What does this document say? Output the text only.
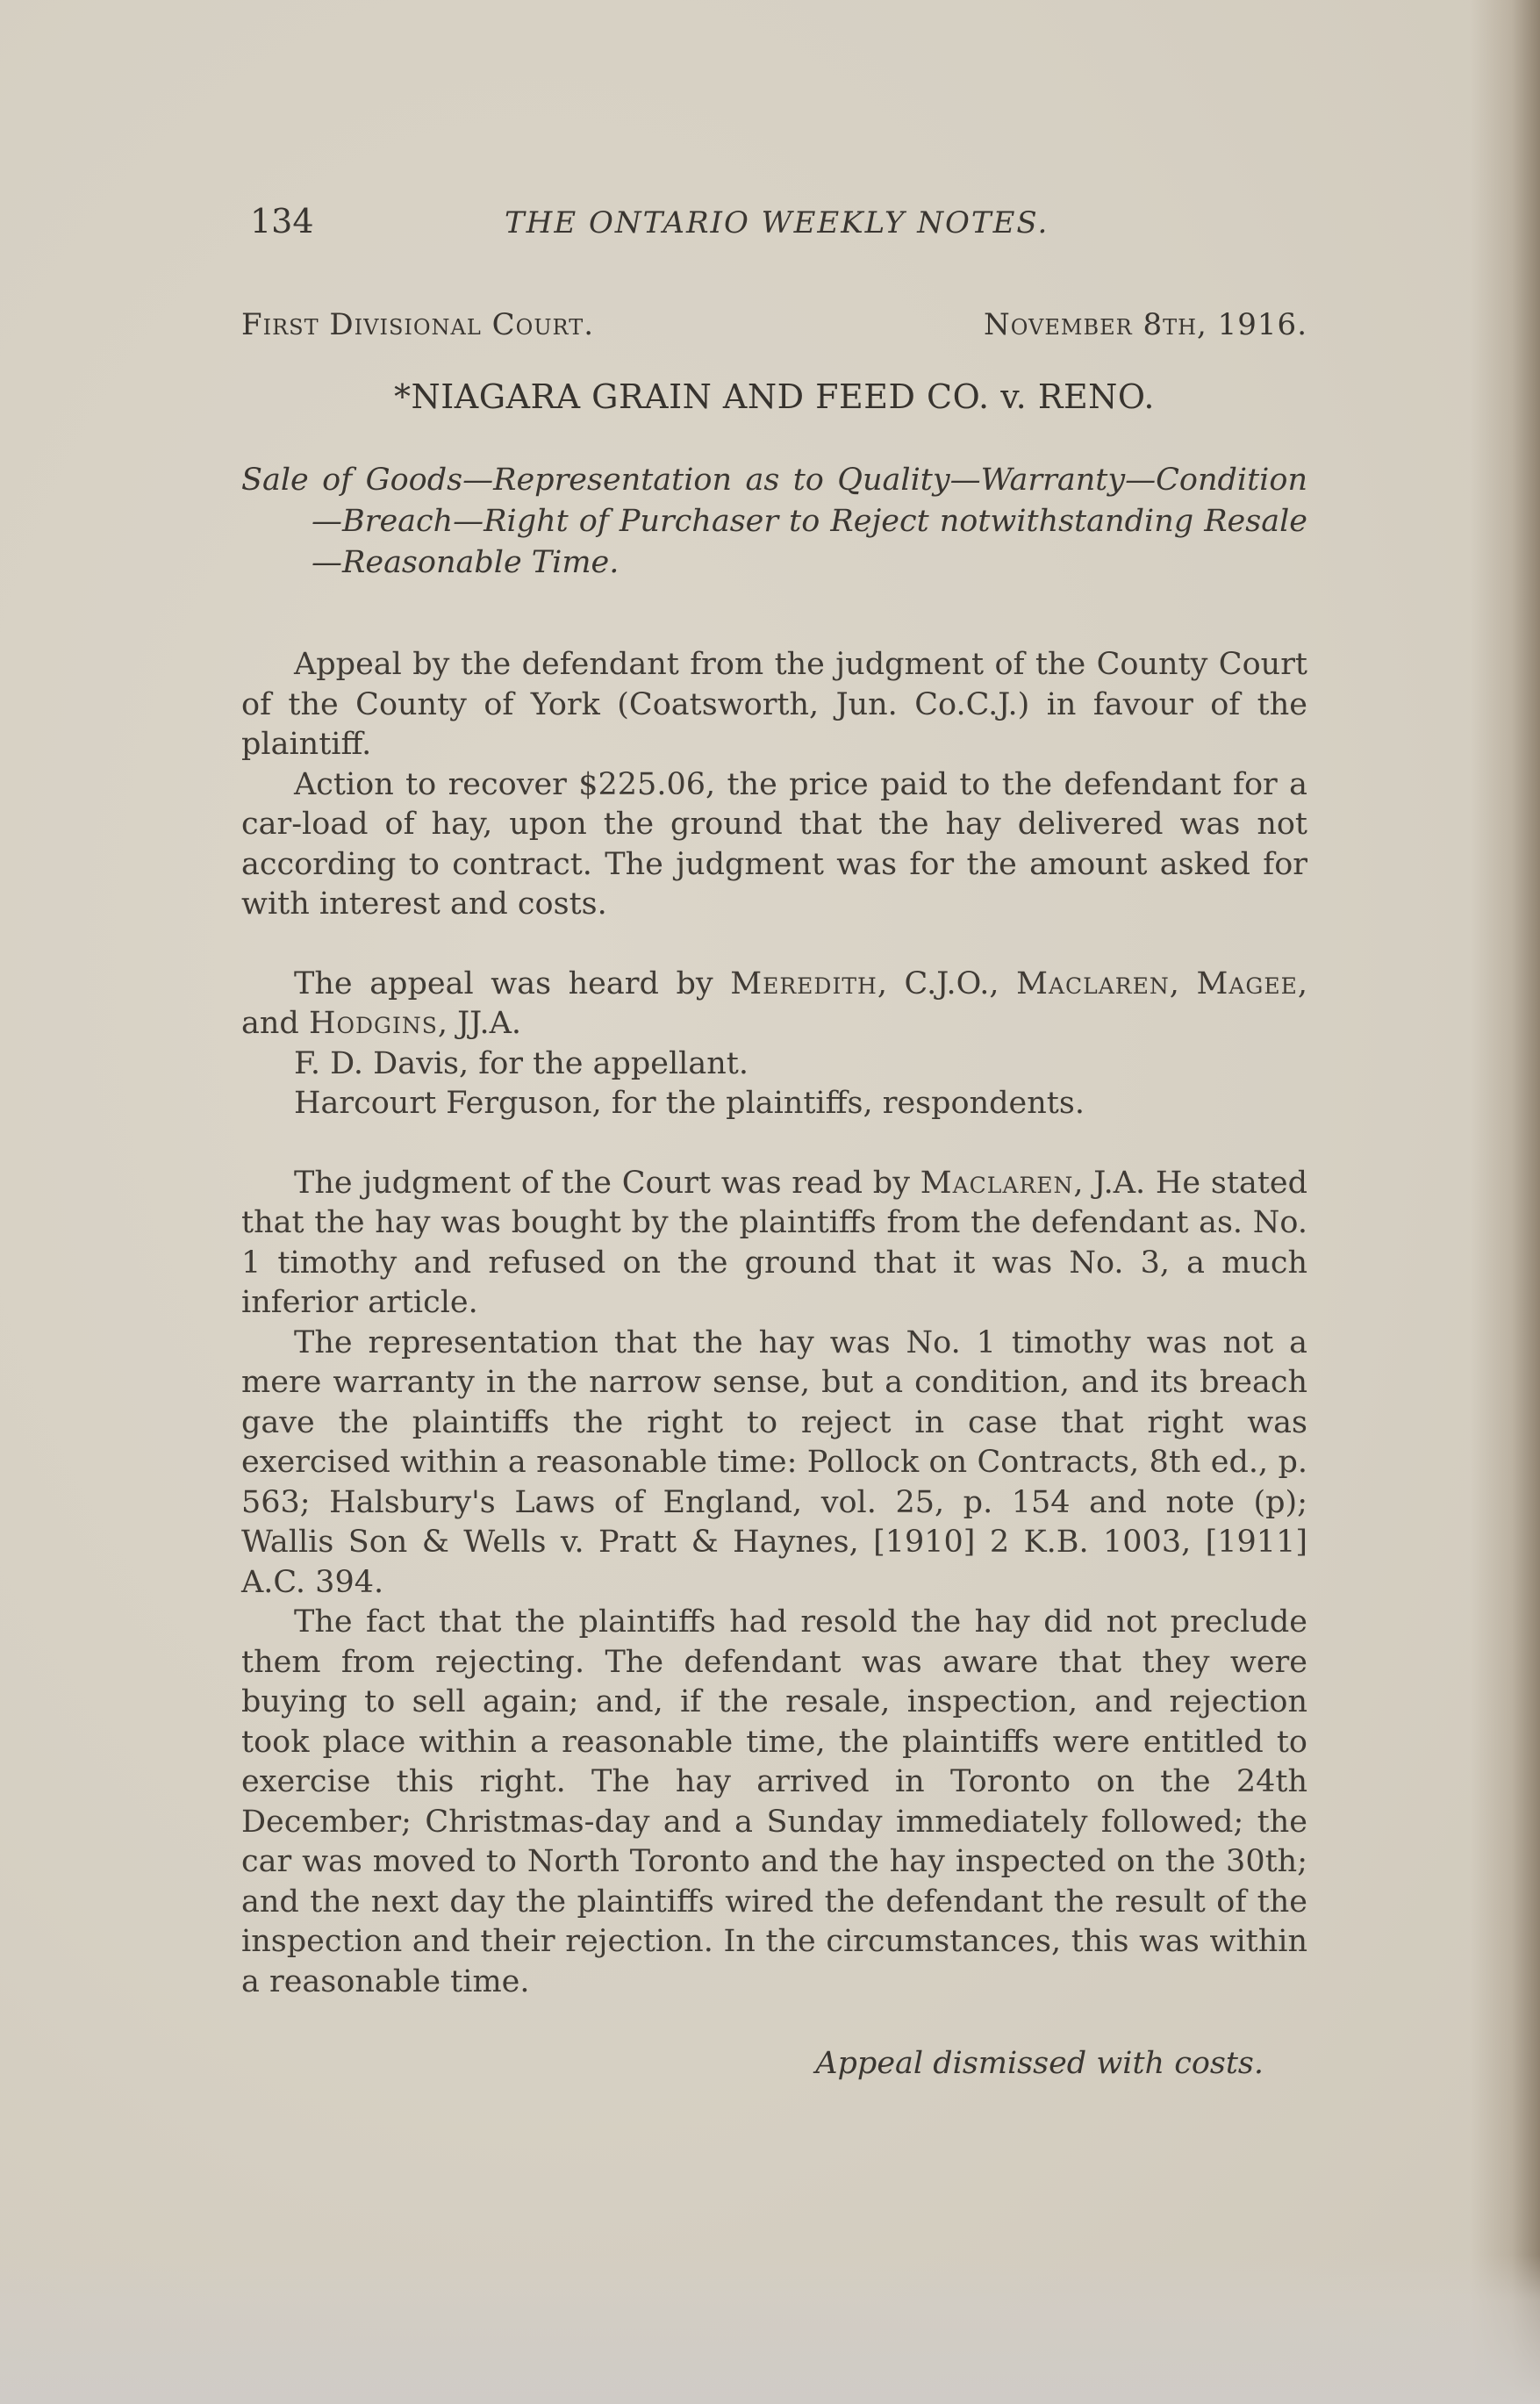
134	THE ONTARIO WEEKLY NOTES.
First Divisional Court.	November 8th, 1916.
*NIAGARA GRAIN AND FEED CO. v. RENO.
Sale of Goods—Representation as to Quality—Warranty—Condition—Breach—Right of Purchaser to Reject notwithstanding Resale—Reasonable Time.

Appeal by the defendant from the judgment of the County Court of the County of York (Coatsworth, Jun. Co.C.J.) in favour of the plaintiff.

Action to recover $225.06, the price paid to the defendant for a car-load of hay, upon the ground that the hay delivered was not according to contract. The judgment was for the amount asked for with interest and costs.

The appeal was heard by Meredith, C.J.O., Maclaren, Magee, and Hodgins, JJ.A.

F. D. Davis, for the appellant.

Harcourt Ferguson, for the plaintiffs, respondents.

The judgment of the Court was read by Maclaren, J.A. He stated that the hay was bought by the plaintiffs from the defendant as. No. 1 timothy and refused on the ground that it was No. 3, a much inferior article.

The representation that the hay was No. 1 timothy was not a mere warranty in the narrow sense, but a condition, and its breach gave the plaintiffs the right to reject in case that right was exercised within a reasonable time: Pollock on Contracts, 8th ed., p. 563; Halsbury's Laws of England, vol. 25, p. 154 and note (p); Wallis Son & Wells v. Pratt & Haynes, [1910] 2 K.B. 1003, [1911] A.C. 394.

The fact that the plaintiffs had resold the hay did not preclude them from rejecting. The defendant was aware that they were buying to sell again; and, if the resale, inspection, and rejection took place within a reasonable time, the plaintiffs were entitled to exercise this right. The hay arrived in Toronto on the 24th December; Christmas-day and a Sunday immediately followed; the car was moved to North Toronto and the hay inspected on the 30th; and the next day the plaintiffs wired the defendant the result of the inspection and their rejection. In the circumstances, this was within a reasonable time.

Appeal dismissed with costs.
